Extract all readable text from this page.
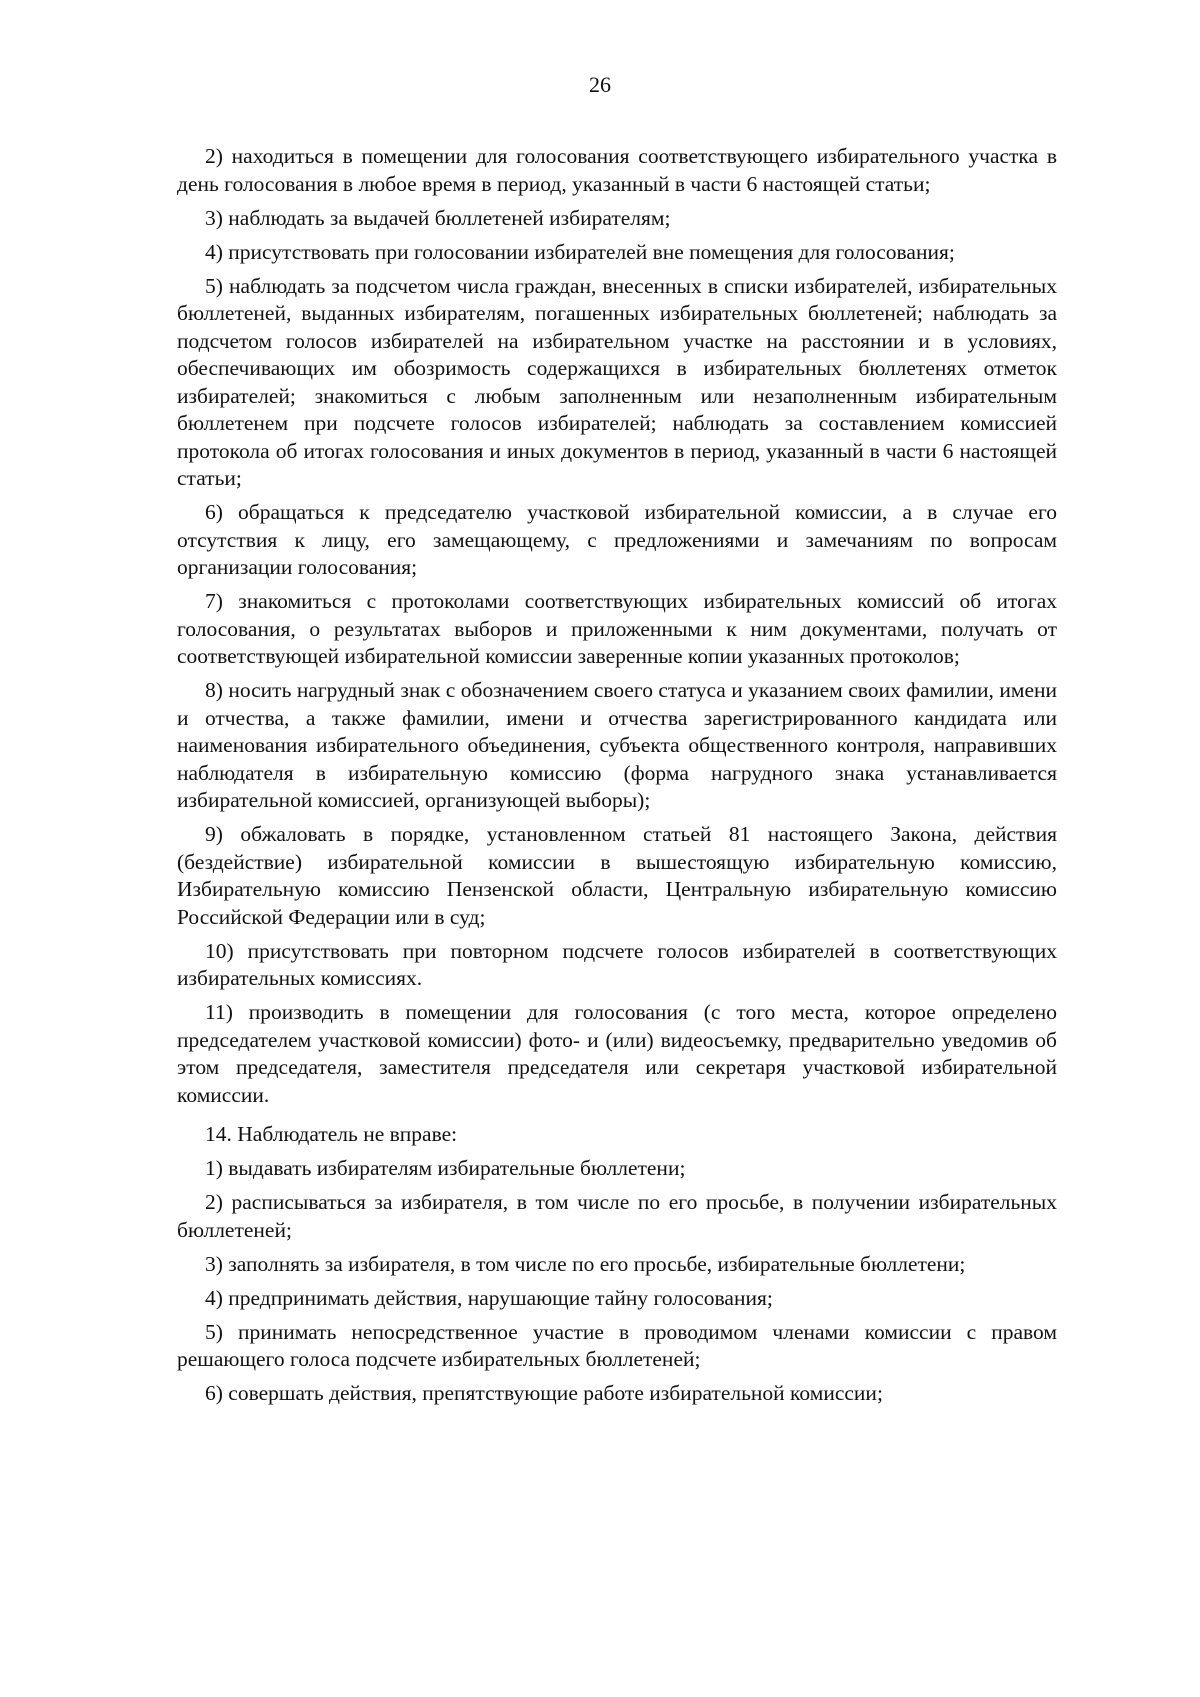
26

2) находиться в помещении для голосования соответствующего избирательного участка в день голосования в любое время в период, указанный в части 6 настоящей статьи;

3) наблюдать за выдачей бюллетеней избирателям;

4) присутствовать при голосовании избирателей вне помещения для голосования;

5) наблюдать за подсчетом числа граждан, внесенных в списки избирателей, избирательных бюллетеней, выданных избирателям, погашенных избирательных бюллетеней; наблюдать за подсчетом голосов избирателей на избирательном участке на расстоянии и в условиях, обеспечивающих им обозримость содержащихся в избирательных бюллетенях отметок избирателей; знакомиться с любым заполненным или незаполненным избирательным бюллетенем при подсчете голосов избирателей; наблюдать за составлением комиссией протокола об итогах голосования и иных документов в период, указанный в части 6 настоящей статьи;

6) обращаться к председателю участковой избирательной комиссии, а в случае его отсутствия к лицу, его замещающему, с предложениями и замечаниям по вопросам организации голосования;

7) знакомиться с протоколами соответствующих избирательных комиссий об итогах голосования, о результатах выборов и приложенными к ним документами, получать от соответствующей избирательной комиссии заверенные копии указанных протоколов;

8) носить нагрудный знак с обозначением своего статуса и указанием своих фамилии, имени и отчества, а также фамилии, имени и отчества зарегистрированного кандидата или наименования избирательного объединения, субъекта общественного контроля, направивших наблюдателя в избирательную комиссию (форма нагрудного знака устанавливается избирательной комиссией, организующей выборы);

9) обжаловать в порядке, установленном статьей 81 настоящего Закона, действия (бездействие) избирательной комиссии в вышестоящую избирательную комиссию, Избирательную комиссию Пензенской области, Центральную избирательную комиссию Российской Федерации или в суд;

10) присутствовать при повторном подсчете голосов избирателей в соответствующих избирательных комиссиях.

11) производить в помещении для голосования (с того места, которое определено председателем участковой комиссии) фото- и (или) видеосъемку, предварительно уведомив об этом председателя, заместителя председателя или секретаря участковой избирательной комиссии.

14. Наблюдатель не вправе:

1) выдавать избирателям избирательные бюллетени;

2) расписываться за избирателя, в том числе по его просьбе, в получении избирательных бюллетеней;

3) заполнять за избирателя, в том числе по его просьбе, избирательные бюллетени;

4) предпринимать действия, нарушающие тайну голосования;

5) принимать непосредственное участие в проводимом членами комиссии с правом решающего голоса подсчете избирательных бюллетеней;

6) совершать действия, препятствующие работе избирательной комиссии;
